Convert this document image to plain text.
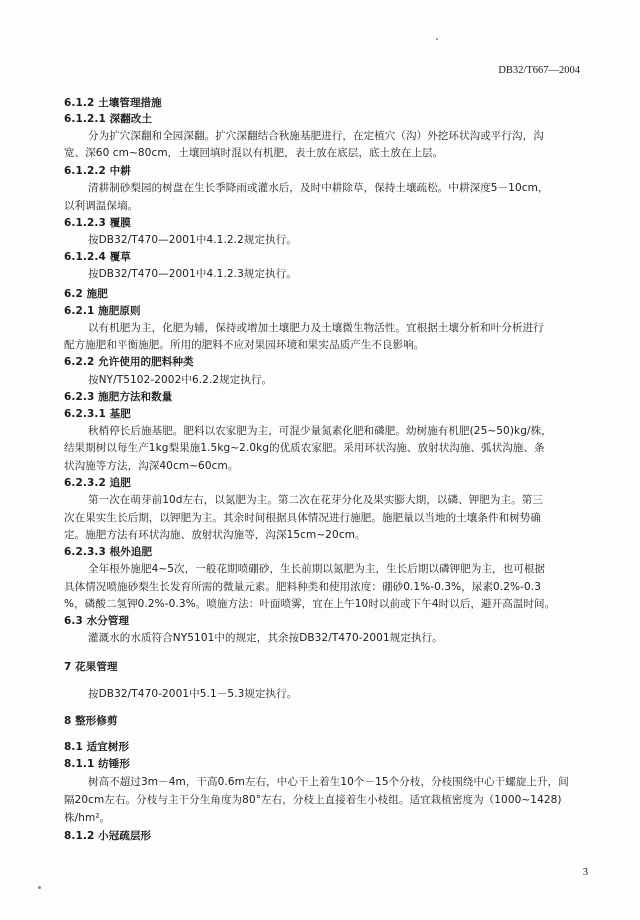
DB32/T667—2004
6.1.2 土壤管理措施
6.1.2.1 深翻改土
分为扩穴深翻和全园深翻。扩穴深翻结合秋施基肥进行，在定植穴（沟）外挖环状沟或平行沟，沟
宽、深60 cm~80cm，土壤回填时混以有机肥，表土放在底层，底土放在上层。
6.1.2.2 中耕
清耕制砂梨园的树盘在生长季降雨或灌水后，及时中耕除草，保持土壤疏松。中耕深度5－10cm，
以利调温保墒。
6.1.2.3 覆膜
按DB32/T470—2001中4.1.2.2规定执行。
6.1.2.4 覆草
按DB32/T470—2001中4.1.2.3规定执行。
6.2 施肥
6.2.1 施肥原则
以有机肥为主，化肥为辅，保持或增加土壤肥力及土壤微生物活性。宜根据土壤分析和叶分析进行
配方施肥和平衡施肥。所用的肥料不应对果园环境和果实品质产生不良影响。
6.2.2 允许使用的肥料种类
按NY/T5102-2002中6.2.2规定执行。
6.2.3 施肥方法和数量
6.2.3.1 基肥
秋梢停长后施基肥。肥料以农家肥为主，可混少量氮素化肥和磷肥。幼树施有机肥(25~50)kg/株，
结果期树以每生产1kg梨果施1.5kg~2.0kg的优质农家肥。采用环状沟施、放射状沟施、弧状沟施、条
状沟施等方法，沟深40cm~60cm。
6.2.3.2 追肥
第一次在萌芽前10d左右，以氮肥为主。第二次在花芽分化及果实膨大期，以磷、钾肥为主。第三
次在果实生长后期，以钾肥为主。其余时间根据具体情况进行施肥。施肥量以当地的土壤条件和树势确
定。施肥方法有环状沟施、放射状沟施等，沟深15cm~20cm。
6.2.3.3 根外追肥
全年根外施肥4~5次，一般花期喷硼砂，生长前期以氮肥为主，生长后期以磷钾肥为主，也可根据
具体情况喷施砂梨生长发育所需的微量元素。肥料种类和使用浓度：硼砂0.1%-0.3%，尿素0.2%-0.3
%，磷酸二氢钾0.2%-0.3%。喷施方法：叶面喷雾，宜在上午10时以前或下午4时以后，避开高温时间。
6.3 水分管理
灌溉水的水质符合NY5101中的规定，其余按DB32/T470-2001规定执行。
7 花果管理
按DB32/T470-2001中5.1－5.3规定执行。
8 整形修剪
8.1 适宜树形
8.1.1 纺锤形
树高不超过3m－4m，干高0.6m左右，中心干上着生10个－15个分枝，分枝围绕中心干螺旋上升，间
隔20cm左右。分枝与主干分生角度为80°左右，分枝上直接着生小枝组。适宜栽植密度为（1000~1428)
株/hm²。
8.1.2 小冠疏层形
3
